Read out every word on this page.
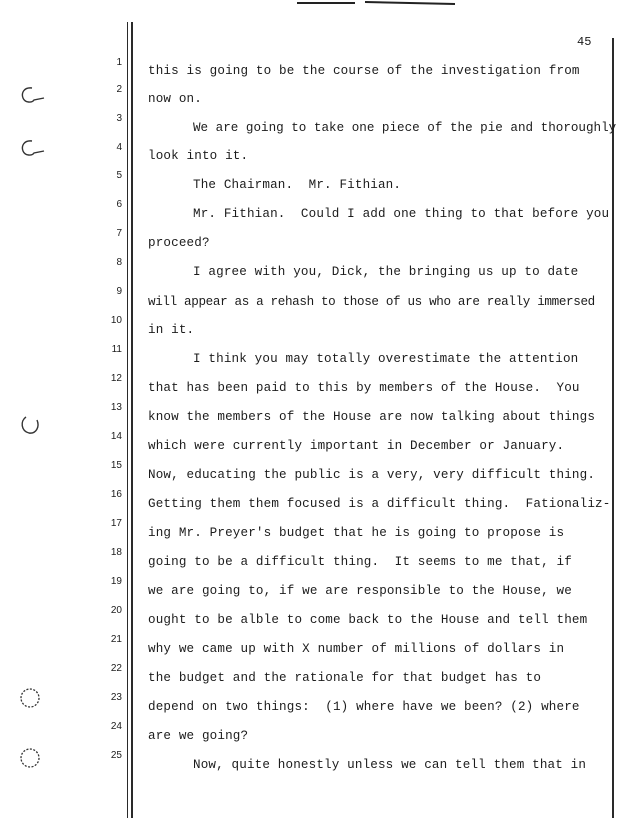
45
1
2
3
4
5
6
7
8
9
10
11
12
13
14
15
16
17
18
19
20
21
22
23
24
25
this is going to be the course of the investigation from
now on.
We are going to take one piece of the pie and thoroughly
look into it.
The Chairman.  Mr. Fithian.
Mr. Fithian.  Could I add one thing to that before you
proceed?
I agree with you, Dick, the bringing us up to date
will appear as a rehash to those of us who are really immersed
in it.
I think you may totally overestimate the attention
that has been paid to this by members of the House.  You
know the members of the House are now talking about things
which were currently important in December or January.
Now, educating the public is a very, very difficult thing.
Getting them them focused is a difficult thing.  Fationaliz-
ing Mr. Preyer's budget that he is going to propose is
going to be a difficult thing.  It seems to me that, if
we are going to, if we are responsible to the House, we
ought to be alble to come back to the House and tell them
why we came up with X number of millions of dollars in
the budget and the rationale for that budget has to
depend on two things:  (1) where have we been? (2) where
are we going?
Now, quite honestly unless we can tell them that in
